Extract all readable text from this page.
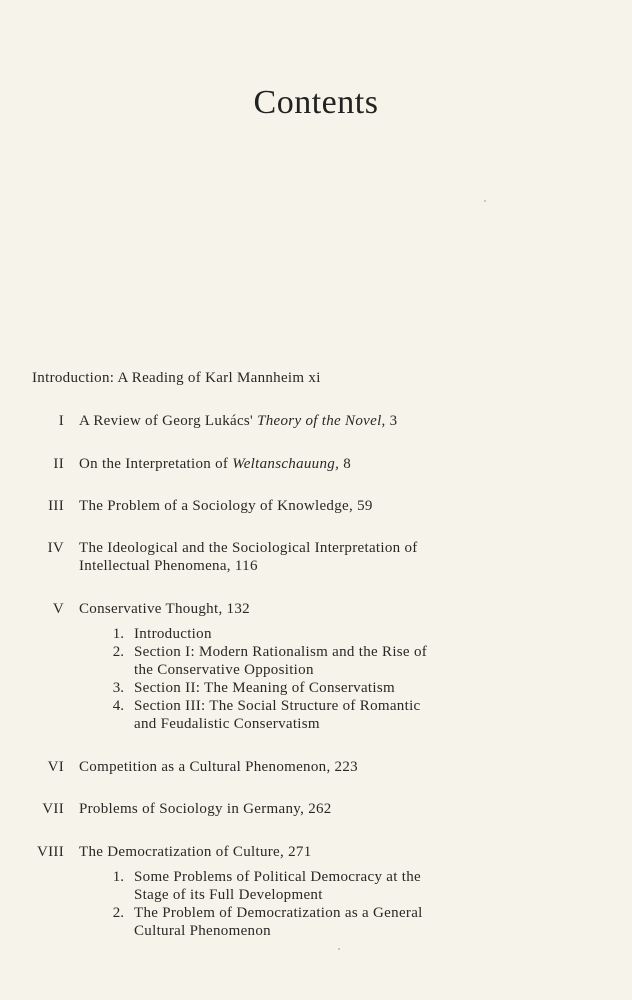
Contents
Introduction: A Reading of Karl Mannheim xi
I A Review of Georg Lukács' Theory of the Novel, 3
II On the Interpretation of Weltanschauung, 8
III The Problem of a Sociology of Knowledge, 59
IV The Ideological and the Sociological Interpretation of
Intellectual Phenomena, 116
V Conservative Thought, 132
1. Introduction
2. Section I: Modern Rationalism and the Rise of
the Conservative Opposition
3. Section II: The Meaning of Conservatism
4. Section III: The Social Structure of Romantic
and Feudalistic Conservatism
VI Competition as a Cultural Phenomenon, 223
VII Problems of Sociology in Germany, 262
VIII The Democratization of Culture, 271
1. Some Problems of Political Democracy at the
Stage of its Full Development
2. The Problem of Democratization as a General
Cultural Phenomenon
